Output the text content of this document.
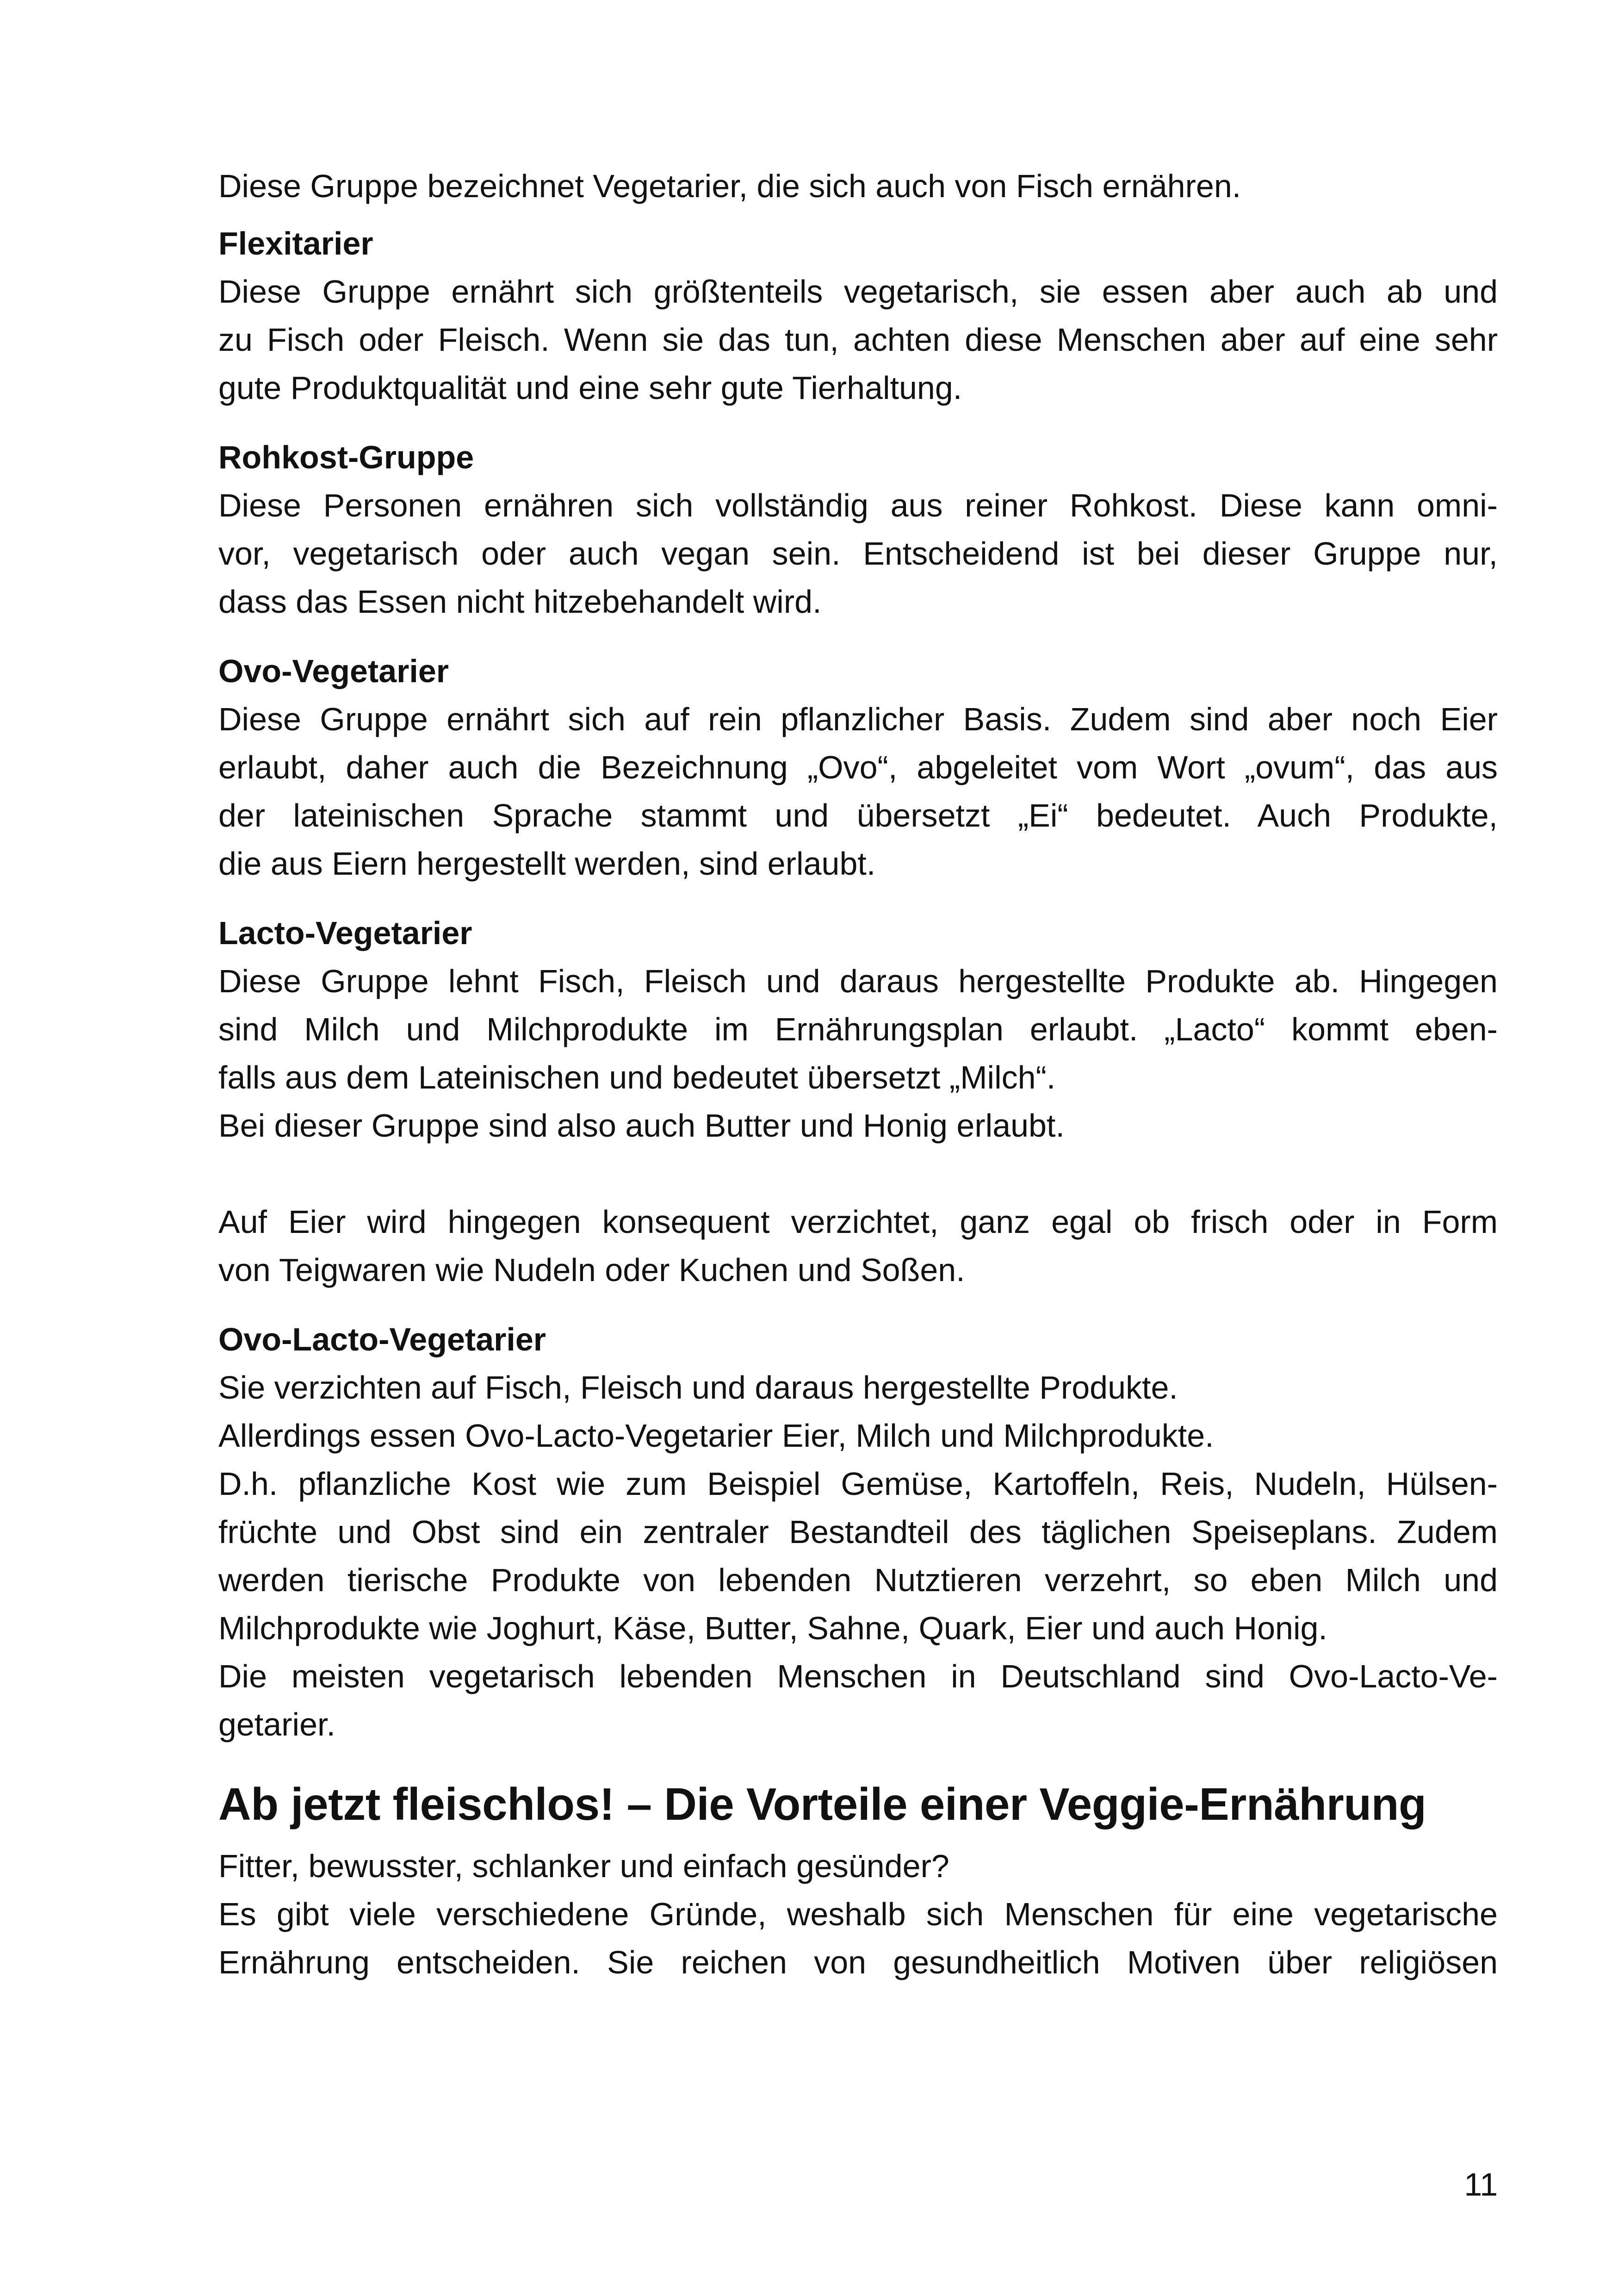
Diese Gruppe bezeichnet Vegetarier, die sich auch von Fisch ernähren.

Flexitarier

Diese Gruppe ernährt sich größtenteils vegetarisch, sie essen aber auch ab und
zu Fisch oder Fleisch. Wenn sie das tun, achten diese Menschen aber auf eine sehr
gute Produktqualität und eine sehr gute Tierhaltung.

Rohkost-Gruppe

Diese Personen ernähren sich vollständig aus reiner Rohkost. Diese kann omni-
vor, vegetarisch oder auch vegan sein. Entscheidend ist bei dieser Gruppe nur,
dass das Essen nicht hitzebehandelt wird.

Ovo-Vegetarier

Diese Gruppe ernährt sich auf rein pflanzlicher Basis. Zudem sind aber noch Eier
erlaubt, daher auch die Bezeichnung „Ovo“, abgeleitet vom Wort „ovum“, das aus
der lateinischen Sprache stammt und übersetzt „Ei“ bedeutet. Auch Produkte,
die aus Eiern hergestellt werden, sind erlaubt.

Lacto-Vegetarier

Diese Gruppe lehnt Fisch, Fleisch und daraus hergestellte Produkte ab. Hingegen
sind Milch und Milchprodukte im Ernährungsplan erlaubt. „Lacto“ kommt eben-
falls aus dem Lateinischen und bedeutet übersetzt „Milch“.
Bei dieser Gruppe sind also auch Butter und Honig erlaubt.

Auf Eier wird hingegen konsequent verzichtet, ganz egal ob frisch oder in Form
von Teigwaren wie Nudeln oder Kuchen und Soßen.

Ovo-Lacto-Vegetarier

Sie verzichten auf Fisch, Fleisch und daraus hergestellte Produkte.
Allerdings essen Ovo-Lacto-Vegetarier Eier, Milch und Milchprodukte.
D.h. pflanzliche Kost wie zum Beispiel Gemüse, Kartoffeln, Reis, Nudeln, Hülsen-
früchte und Obst sind ein zentraler Bestandteil des täglichen Speiseplans. Zudem
werden tierische Produkte von lebenden Nutztieren verzehrt, so eben Milch und
Milchprodukte wie Joghurt, Käse, Butter, Sahne, Quark, Eier und auch Honig.
Die meisten vegetarisch lebenden Menschen in Deutschland sind Ovo-Lacto-Ve-
getarier.

Ab jetzt fleischlos! – Die Vorteile einer Veggie-Ernährung

Fitter, bewusster, schlanker und einfach gesünder?
Es gibt viele verschiedene Gründe, weshalb sich Menschen für eine vegetarische
Ernährung entscheiden. Sie reichen von gesundheitlich Motiven über religiösen

11
